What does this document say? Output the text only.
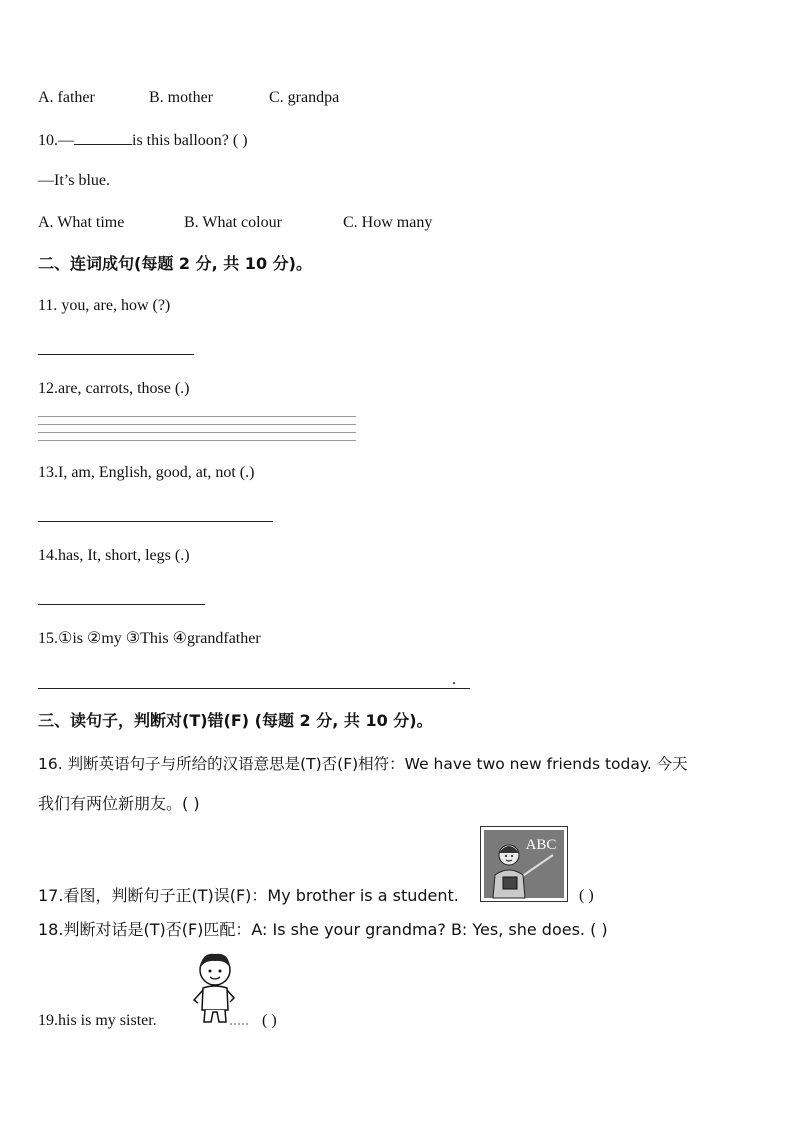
A. father	B. mother	C. grandpa
10.—	is this balloon? ( )
—It’s blue.
A. What time	B. What colour	C. How many
二、连词成句(每题 2 分, 共 10 分)。
11. you, are, how (?)
12.are, carrots, those (.)
13.I, am, English, good, at, not (.)
14.has, It, short, legs (.)
15.①is ②my ③This ④grandfather
.
三、读句子，判断对(T)错(F) (每题 2 分, 共 10 分)。
16. 判断英语句子与所给的汉语意思是(T)否(F)相符：We have two new friends today. 今天
我们有两位新朋友。( )
17.看图，判断句子正(T)误(F)：My brother is a student.
ABC
( )
18.判断对话是(T)否(F)匹配：A: Is she your grandma? B: Yes, she does. ( )
19.his is my sister.	( )
